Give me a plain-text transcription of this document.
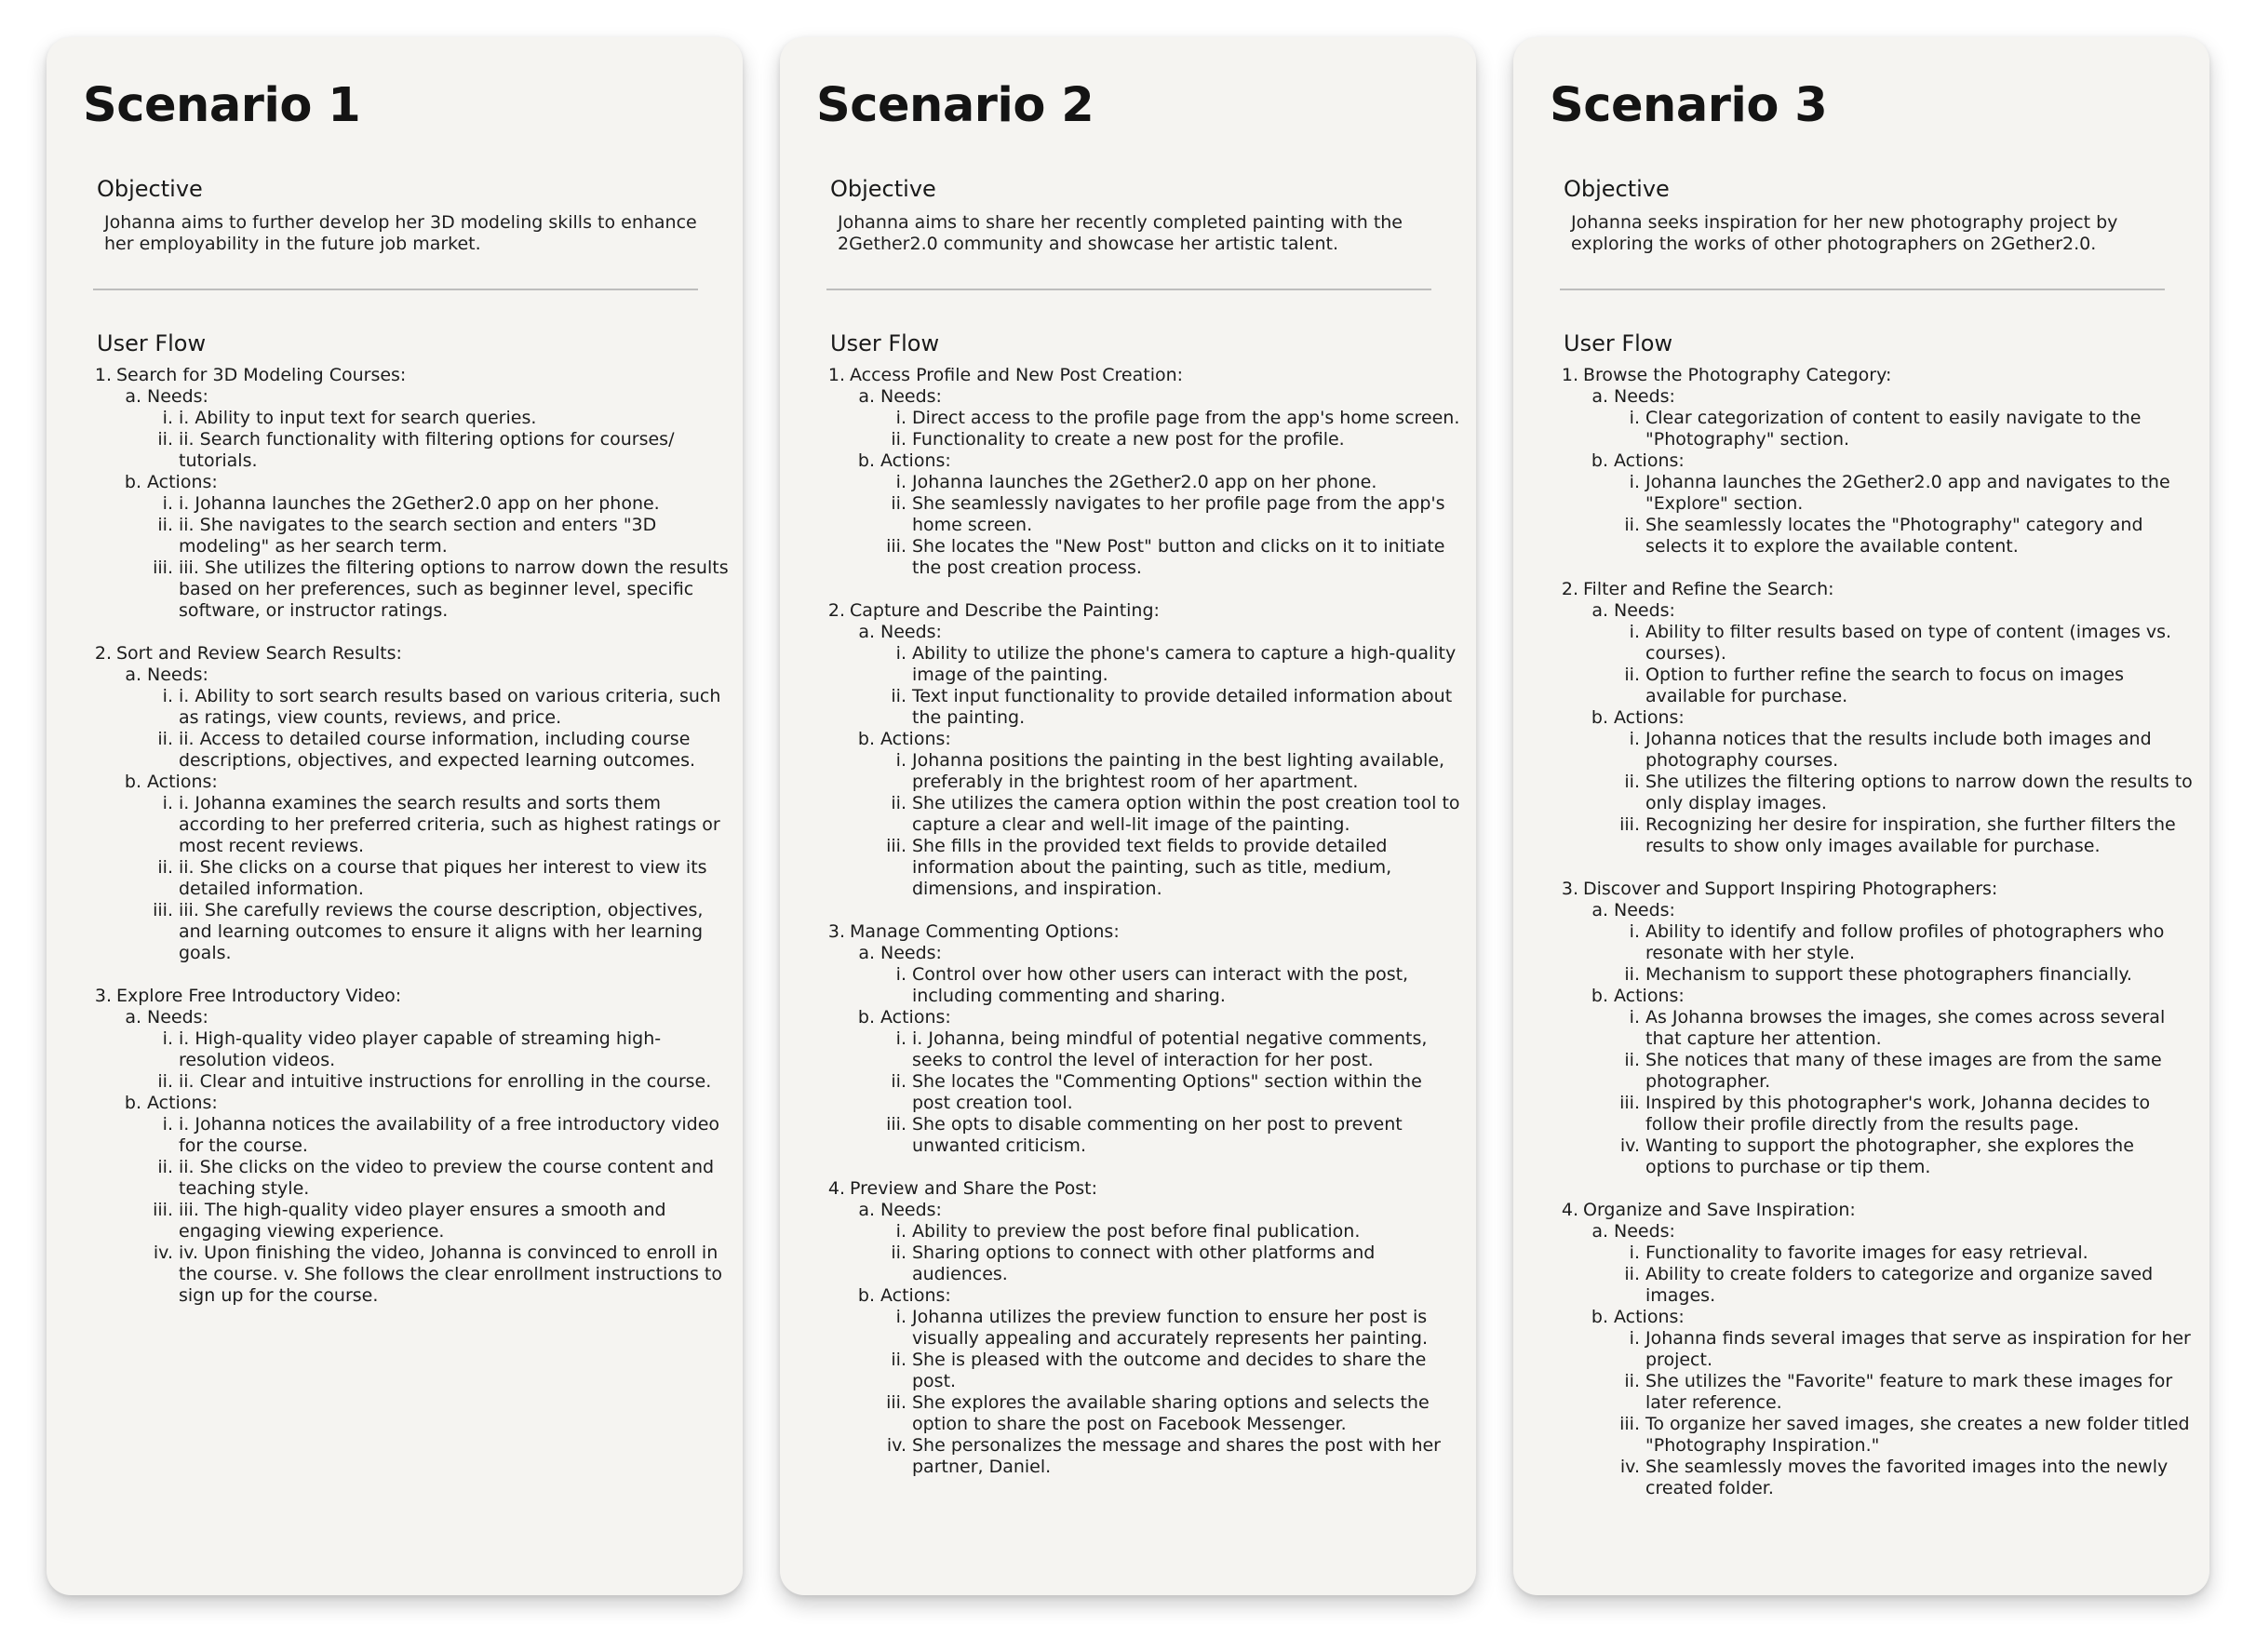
Scenario 1
Objective

Johanna aims to further develop her 3D modeling skills to enhance her employability in the future job market.

User Flow
1. Search for 3D Modeling Courses:
a. Needs:
i. i. Ability to input text for search queries.
ii. ii. Search functionality with filtering options for courses/ tutorials.
b. Actions:
i. i. Johanna launches the 2Gether2.0 app on her phone.
ii. ii. She navigates to the search section and enters "3D modeling" as her search term.
iii. iii. She utilizes the filtering options to narrow down the results based on her preferences, such as beginner level, specific software, or instructor ratings.
2. Sort and Review Search Results:
a. Needs:
i. i. Ability to sort search results based on various criteria, such as ratings, view counts, reviews, and price.
ii. ii. Access to detailed course information, including course descriptions, objectives, and expected learning outcomes.
b. Actions:
i. i. Johanna examines the search results and sorts them according to her preferred criteria, such as highest ratings or most recent reviews.
ii. ii. She clicks on a course that piques her interest to view its detailed information.
iii. iii. She carefully reviews the course description, objectives, and learning outcomes to ensure it aligns with her learning goals.
3. Explore Free Introductory Video:
a. Needs:
i. i. High-quality video player capable of streaming high-resolution videos.
ii. ii. Clear and intuitive instructions for enrolling in the course.
b. Actions:
i. i. Johanna notices the availability of a free introductory video for the course.
ii. ii. She clicks on the video to preview the course content and teaching style.
iii. iii. The high-quality video player ensures a smooth and engaging viewing experience.
iv. iv. Upon finishing the video, Johanna is convinced to enroll in the course. v. She follows the clear enrollment instructions to sign up for the course.
Scenario 2
Objective

Johanna aims to share her recently completed painting with the 2Gether2.0 community and showcase her artistic talent.

User Flow
1. Access Profile and New Post Creation:
a. Needs:
i. Direct access to the profile page from the app's home screen.
ii. Functionality to create a new post for the profile.
b. Actions:
i. Johanna launches the 2Gether2.0 app on her phone.
ii. She seamlessly navigates to her profile page from the app's home screen.
iii. She locates the "New Post" button and clicks on it to initiate the post creation process.
2. Capture and Describe the Painting:
a. Needs:
i. Ability to utilize the phone's camera to capture a high-quality image of the painting.
ii. Text input functionality to provide detailed information about the painting.
b. Actions:
i. Johanna positions the painting in the best lighting available, preferably in the brightest room of her apartment.
ii. She utilizes the camera option within the post creation tool to capture a clear and well-lit image of the painting.
iii. She fills in the provided text fields to provide detailed information about the painting, such as title, medium, dimensions, and inspiration.
3. Manage Commenting Options:
a. Needs:
i. Control over how other users can interact with the post, including commenting and sharing.
b. Actions:
i. i. Johanna, being mindful of potential negative comments, seeks to control the level of interaction for her post.
ii. She locates the "Commenting Options" section within the post creation tool.
iii. She opts to disable commenting on her post to prevent unwanted criticism.
4. Preview and Share the Post:
a. Needs:
i. Ability to preview the post before final publication.
ii. Sharing options to connect with other platforms and audiences.
b. Actions:
i. Johanna utilizes the preview function to ensure her post is visually appealing and accurately represents her painting.
ii. She is pleased with the outcome and decides to share the post.
iii. She explores the available sharing options and selects the option to share the post on Facebook Messenger.
iv. She personalizes the message and shares the post with her partner, Daniel.
Scenario 3
Objective

Johanna seeks inspiration for her new photography project by exploring the works of other photographers on 2Gether2.0.

User Flow
1. Browse the Photography Category:
a. Needs:
i. Clear categorization of content to easily navigate to the "Photography" section.
b. Actions:
i. Johanna launches the 2Gether2.0 app and navigates to the "Explore" section.
ii. She seamlessly locates the "Photography" category and selects it to explore the available content.
2. Filter and Refine the Search:
a. Needs:
i. Ability to filter results based on type of content (images vs. courses).
ii. Option to further refine the search to focus on images available for purchase.
b. Actions:
i. Johanna notices that the results include both images and photography courses.
ii. She utilizes the filtering options to narrow down the results to only display images.
iii. Recognizing her desire for inspiration, she further filters the results to show only images available for purchase.
3. Discover and Support Inspiring Photographers:
a. Needs:
i. Ability to identify and follow profiles of photographers who resonate with her style.
ii. Mechanism to support these photographers financially.
b. Actions:
i. As Johanna browses the images, she comes across several that capture her attention.
ii. She notices that many of these images are from the same photographer.
iii. Inspired by this photographer's work, Johanna decides to follow their profile directly from the results page.
iv. Wanting to support the photographer, she explores the options to purchase or tip them.
4. Organize and Save Inspiration:
a. Needs:
i. Functionality to favorite images for easy retrieval.
ii. Ability to create folders to categorize and organize saved images.
b. Actions:
i. Johanna finds several images that serve as inspiration for her project.
ii. She utilizes the "Favorite" feature to mark these images for later reference.
iii. To organize her saved images, she creates a new folder titled "Photography Inspiration."
iv. She seamlessly moves the favorited images into the newly created folder.
